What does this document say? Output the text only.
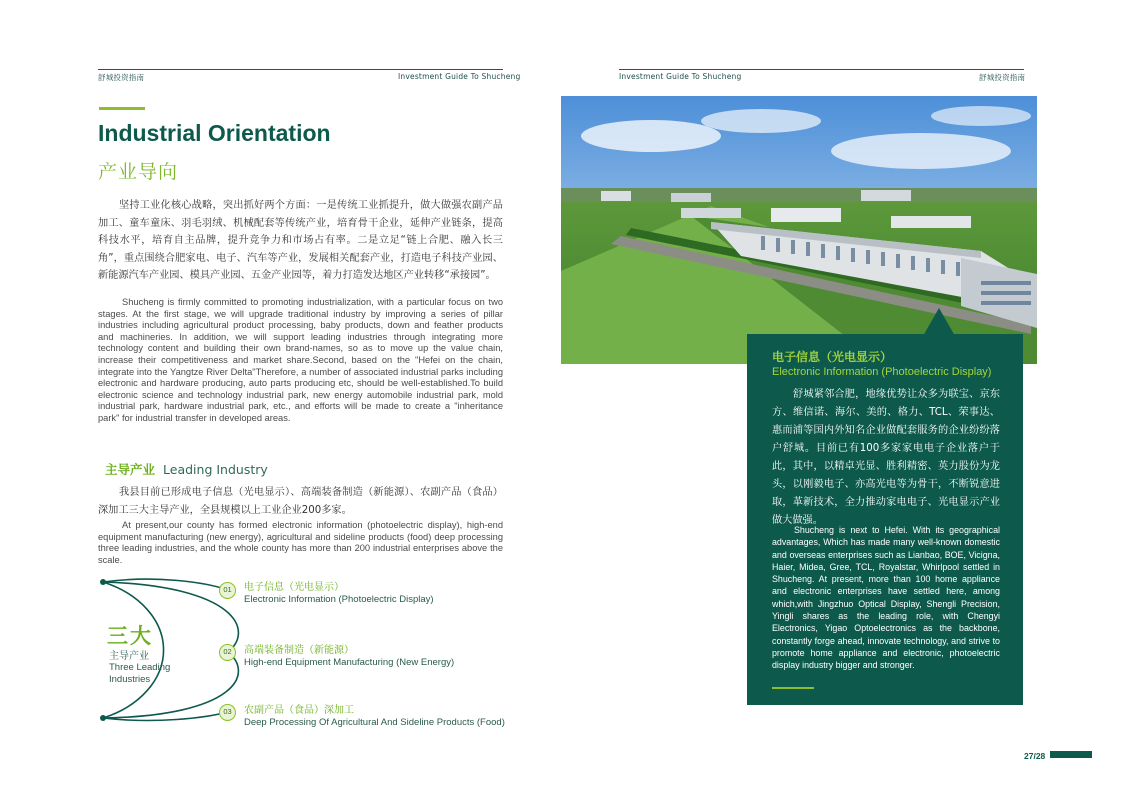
舒城投资指南	Investment Guide To Shucheng
Industrial Orientation
产业导向

坚持工业化核心战略，突出抓好两个方面：一是传统工业抓提升，做大做强农副产品加工、童车童床、羽毛羽绒、机械配套等传统产业，培育骨干企业，延伸产业链条，提高科技水平，培育自主品牌，提升竞争力和市场占有率。二是立足“链上合肥、融入长三角”，重点围绕合肥家电、电子、汽车等产业，发展相关配套产业，打造电子科技产业园、新能源汽车产业园、模具产业园、五金产业园等，着力打造发达地区产业转移“承接园”。

Shucheng is firmly committed to promoting industrialization, with a particular focus on two stages. At the first stage, we will upgrade traditional industry by improving a series of pillar industries including agricultural product processing, baby products, down and feather products and machineries. In addition, we will support leading industries through integrating more technology content and building their own brand-names, so as to move up the value chain, increase their competitiveness and market share.Second, based on the "Hefei on the chain, integrate into the Yangtze River Delta"Therefore, a number of associated industrial parks including electronic and hardware producing, auto parts producing etc, should be well-established.To build electronic science and technology industrial park, new energy automobile industrial park, mold industrial park, hardware industrial park, etc., and efforts will be made to create a "inheritance park" for industrial transfer in developed areas.

主导产业 Leading Industry

我县目前已形成电子信息（光电显示）、高端装备制造（新能源）、农副产品（食品）深加工三大主导产业，全县规模以上工业企业200多家。

At present,our county has formed electronic information (photoelectric display), high-end equipment manufacturing (new energy), agricultural and sideline products (food) deep processing three leading industries, and the whole county has more than 200 industrial enterprises above the scale.

三大
主导产业
Three Leading Industries
01
02
03
电子信息（光电显示）
Electronic Information (Photoelectric Display)
高端装备制造（新能源）
High-end Equipment Manufacturing (New Energy)
农副产品（食品）深加工
Deep Processing Of Agricultural And Sideline Products (Food)
Investment Guide To Shucheng	舒城投资指南
电子信息（光电显示）
Electronic Information (Photoelectric Display)

舒城紧邻合肥，地缘优势让众多为联宝、京东方、维信诺、海尔、美的、格力、TCL、荣事达、惠而浦等国内外知名企业做配套服务的企业纷纷落户舒城。目前已有100多家家电电子企业落户于此，其中，以精卓光显、胜利精密、英力股份为龙头，以刚毅电子、亦高光电等为骨干，不断锐意进取，革新技术，全力推动家电电子、光电显示产业做大做强。

Shucheng is next to Hefei. With its geographical advantages, Which has made many well-known domestic and overseas enterprises such as Lianbao, BOE, Vicigna, Haier, Midea, Gree, TCL, Royalstar, Whirlpool settled in Shucheng. At present, more than 100 home appliance and electronic enterprises have settled here, among which,with Jingzhuo Optical Display, Shengli Precision, Yingli shares as the leading role, with Chengyi Electronics, Yigao Optoelectronics as the backbone, constantly forge ahead, innovate technology, and strive to promote home appliance and electronic, photoelectric display industry bigger and stronger.

27/28
